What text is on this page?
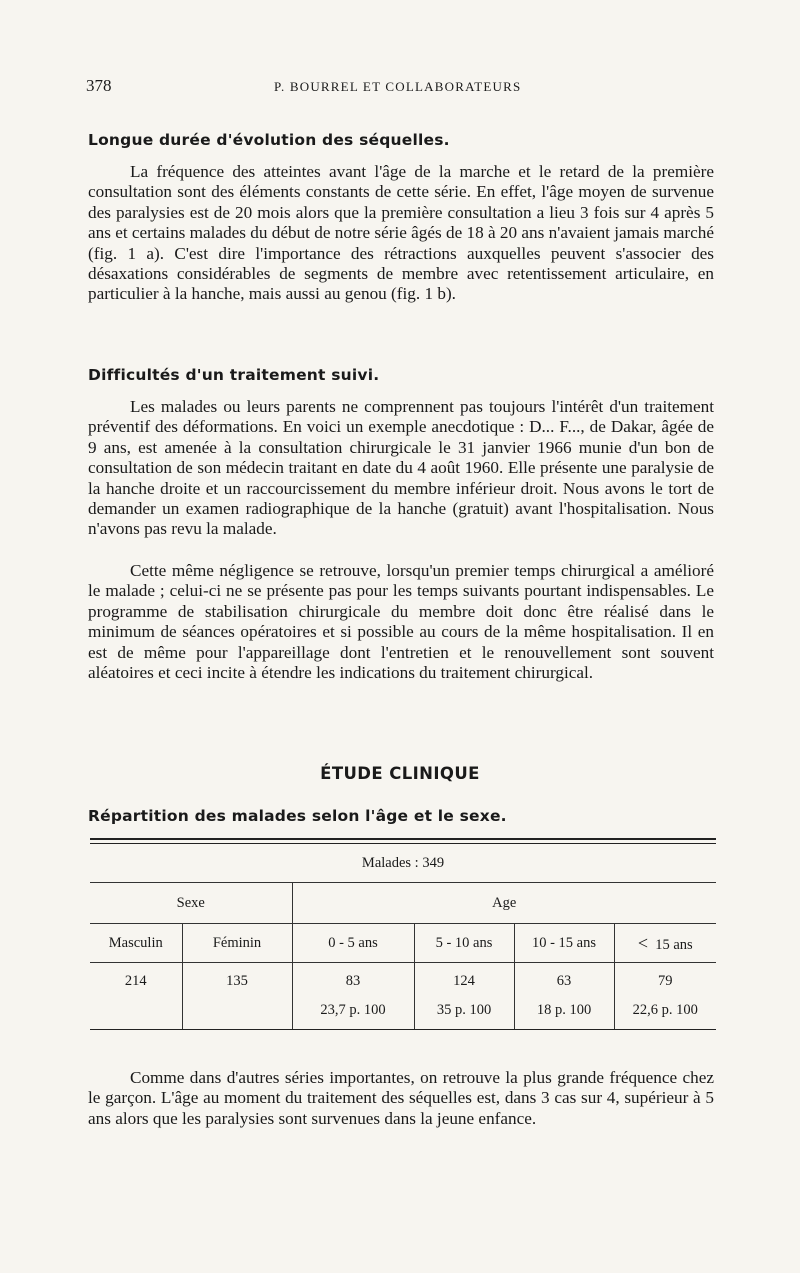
378	P. BOURREL ET COLLABORATEURS
Longue durée d'évolution des séquelles.

La fréquence des atteintes avant l'âge de la marche et le retard de la première consultation sont des éléments constants de cette série. En effet, l'âge moyen de survenue des paralysies est de 20 mois alors que la première consultation a lieu 3 fois sur 4 après 5 ans et certains malades du début de notre série âgés de 18 à 20 ans n'avaient jamais marché (fig. 1 a). C'est dire l'importance des rétractions auxquelles peuvent s'associer des désaxations considérables de segments de membre avec retentissement articulaire, en particulier à la hanche, mais aussi au genou (fig. 1 b).

Difficultés d'un traitement suivi.

Les malades ou leurs parents ne comprennent pas toujours l'intérêt d'un traitement préventif des déformations. En voici un exemple anecdotique : D... F..., de Dakar, âgée de 9 ans, est amenée à la consultation chirurgicale le 31 janvier 1966 munie d'un bon de consultation de son médecin traitant en date du 4 août 1960. Elle présente une paralysie de la hanche droite et un raccourcissement du membre inférieur droit. Nous avons le tort de demander un examen radiographique de la hanche (gratuit) avant l'hospitalisation. Nous n'avons pas revu la malade.

Cette même négligence se retrouve, lorsqu'un premier temps chirurgical a amélioré le malade ; celui-ci ne se présente pas pour les temps suivants pourtant indispensables. Le programme de stabilisation chirurgicale du membre doit donc être réalisé dans le minimum de séances opératoires et si possible au cours de la même hospitalisation. Il en est de même pour l'appareillage dont l'entretien et le renouvellement sont souvent aléatoires et ceci incite à étendre les indications du traitement chirurgical.

ÉTUDE CLINIQUE
Répartition des malades selon l'âge et le sexe.
Malades : 349					
Sexe		Age			
Masculin	Féminin	0 - 5 ans	5 - 10 ans	10 - 15 ans	< 15 ans
214	135	83	124	63	79
		23,7 p. 100	35 p. 100	18 p. 100	22,6 p. 100

Comme dans d'autres séries importantes, on retrouve la plus grande fréquence chez le garçon. L'âge au moment du traitement des séquelles est, dans 3 cas sur 4, supérieur à 5 ans alors que les paralysies sont survenues dans la jeune enfance.
